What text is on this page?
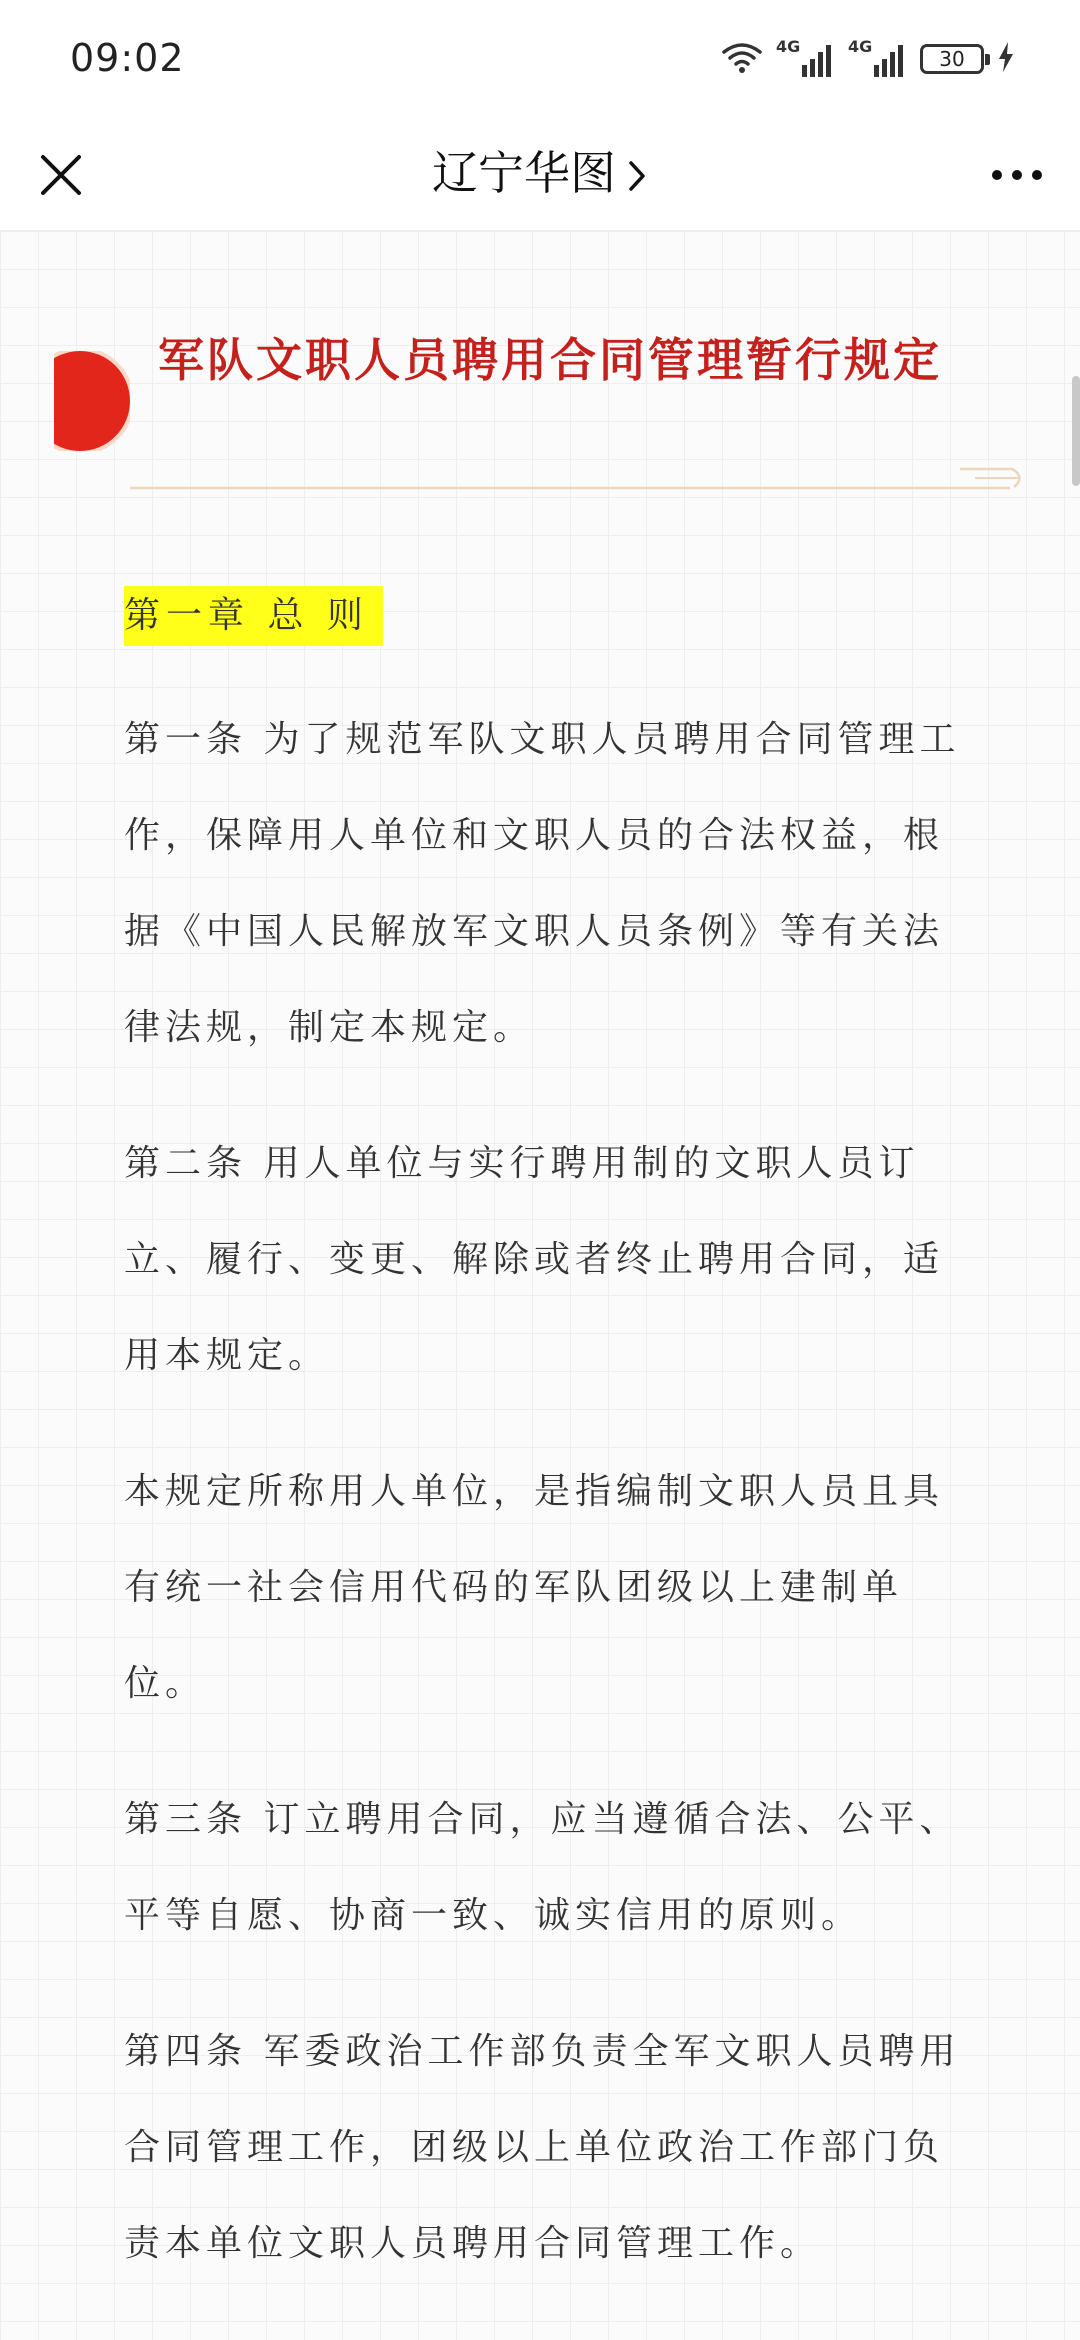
09:02	4G	4G
30
辽宁华图
军队文职人员聘用合同管理暂行规定
第一章 总 则

第一条 为了规范军队文职人员聘用合同管理工作，保障用人单位和文职人员的合法权益，根据《中国人民解放军文职人员条例》等有关法律法规，制定本规定。

第二条 用人单位与实行聘用制的文职人员订立、履行、变更、解除或者终止聘用合同，适用本规定。

本规定所称用人单位，是指编制文职人员且具有统一社会信用代码的军队团级以上建制单位。

第三条 订立聘用合同，应当遵循合法、公平、平等自愿、协商一致、诚实信用的原则。

第四条 军委政治工作部负责全军文职人员聘用合同管理工作，团级以上单位政治工作部门负责本单位文职人员聘用合同管理工作。
